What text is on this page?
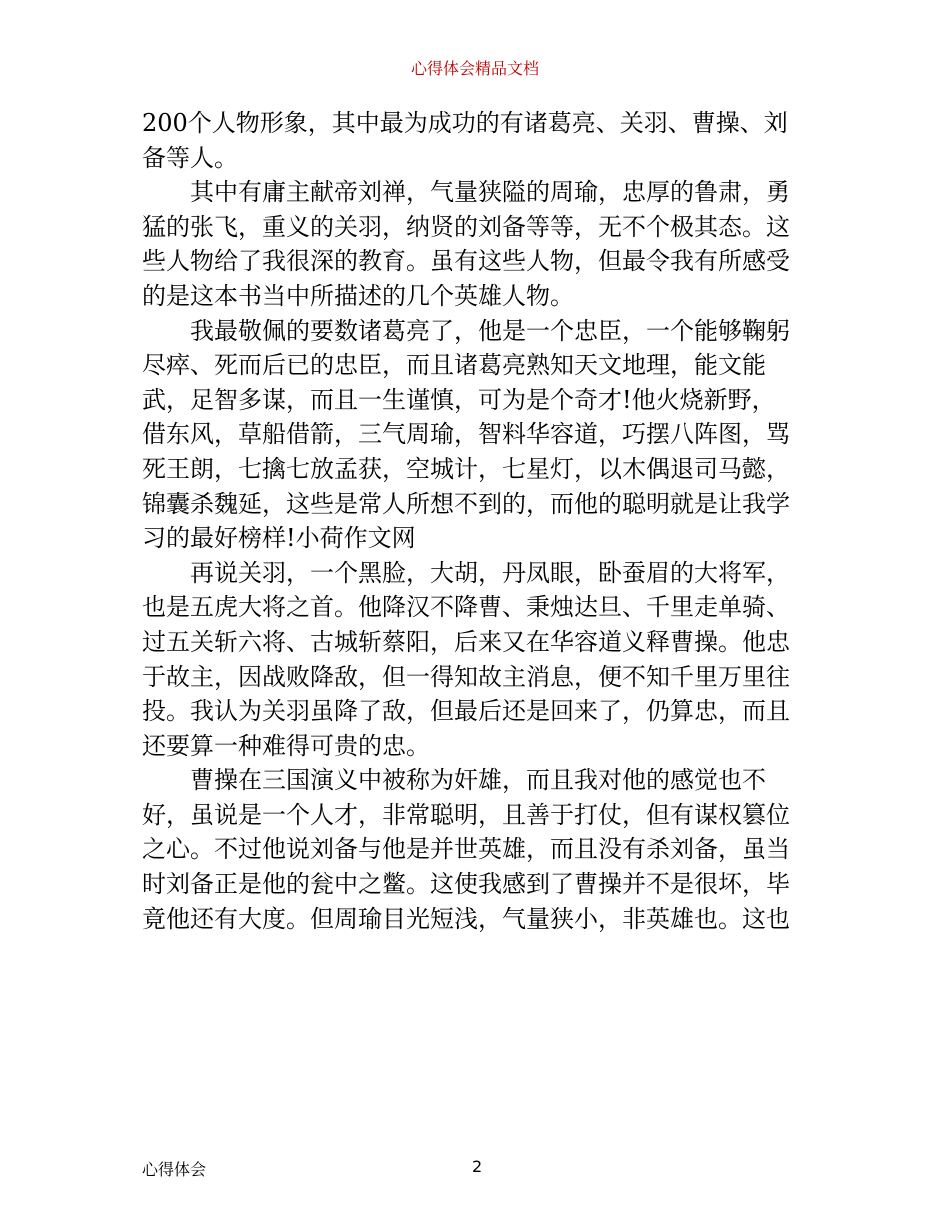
心得体会精品文档
200个人物形象，其中最为成功的有诸葛亮、关羽、曹操、刘
备等人。
其中有庸主献帝刘禅，气量狭隘的周瑜，忠厚的鲁肃，勇
猛的张飞，重义的关羽，纳贤的刘备等等，无不个极其态。这
些人物给了我很深的教育。虽有这些人物，但最令我有所感受
的是这本书当中所描述的几个英雄人物。
我最敬佩的要数诸葛亮了，他是一个忠臣，一个能够鞠躬
尽瘁、死而后已的忠臣，而且诸葛亮熟知天文地理，能文能
武，足智多谋，而且一生谨慎，可为是个奇才!他火烧新野，
借东风，草船借箭，三气周瑜，智料华容道，巧摆八阵图，骂
死王朗，七擒七放孟获，空城计，七星灯，以木偶退司马懿，
锦囊杀魏延，这些是常人所想不到的，而他的聪明就是让我学
习的最好榜样!小荷作文网
再说关羽，一个黑脸，大胡，丹凤眼，卧蚕眉的大将军，
也是五虎大将之首。他降汉不降曹、秉烛达旦、千里走单骑、
过五关斩六将、古城斩蔡阳，后来又在华容道义释曹操。他忠
于故主，因战败降敌，但一得知故主消息，便不知千里万里往
投。我认为关羽虽降了敌，但最后还是回来了，仍算忠，而且
还要算一种难得可贵的忠。
曹操在三国演义中被称为奸雄，而且我对他的感觉也不
好，虽说是一个人才，非常聪明，且善于打仗，但有谋权篡位
之心。不过他说刘备与他是并世英雄，而且没有杀刘备，虽当
时刘备正是他的瓮中之鳖。这使我感到了曹操并不是很坏，毕
竟他还有大度。但周瑜目光短浅，气量狭小，非英雄也。这也
心得体会	2
